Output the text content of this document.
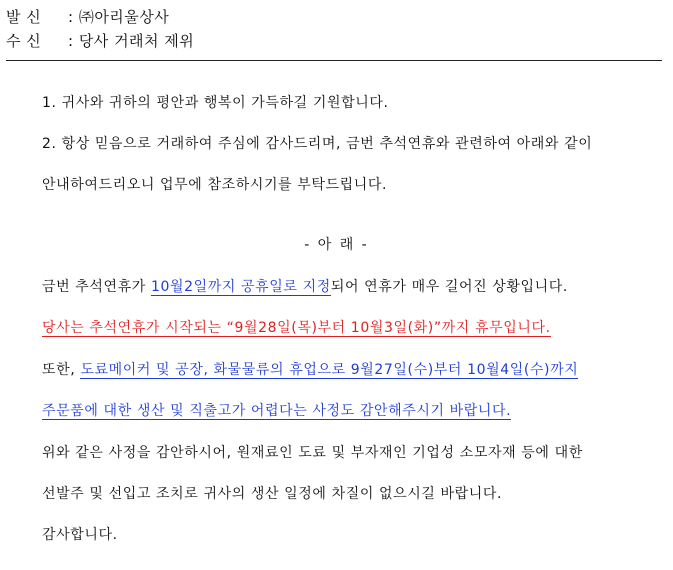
발 신 : ㈜아리울상사
수 신 : 당사 거래처 제위
1. 귀사와 귀하의 평안과 행복이 가득하길 기원합니다.
2. 항상 믿음으로 거래하여 주심에 감사드리며, 금번 추석연휴와 관련하여 아래와 같이
안내하여드리오니 업무에 참조하시기를 부탁드립니다.
- 아 래 -
금번 추석연휴가 10월2일까지 공휴일로 지정되어 연휴가 매우 길어진 상황입니다.
당사는 추석연휴가 시작되는 “9월28일(목)부터 10월3일(화)”까지 휴무입니다.
또한, 도료메이커 및 공장, 화물물류의 휴업으로 9월27일(수)부터 10월4일(수)까지
주문품에 대한 생산 및 직출고가 어렵다는 사정도 감안해주시기 바랍니다.
위와 같은 사정을 감안하시어, 원재료인 도료 및 부자재인 기업성 소모자재 등에 대한
선발주 및 선입고 조치로 귀사의 생산 일정에 차질이 없으시길 바랍니다.
감사합니다.
